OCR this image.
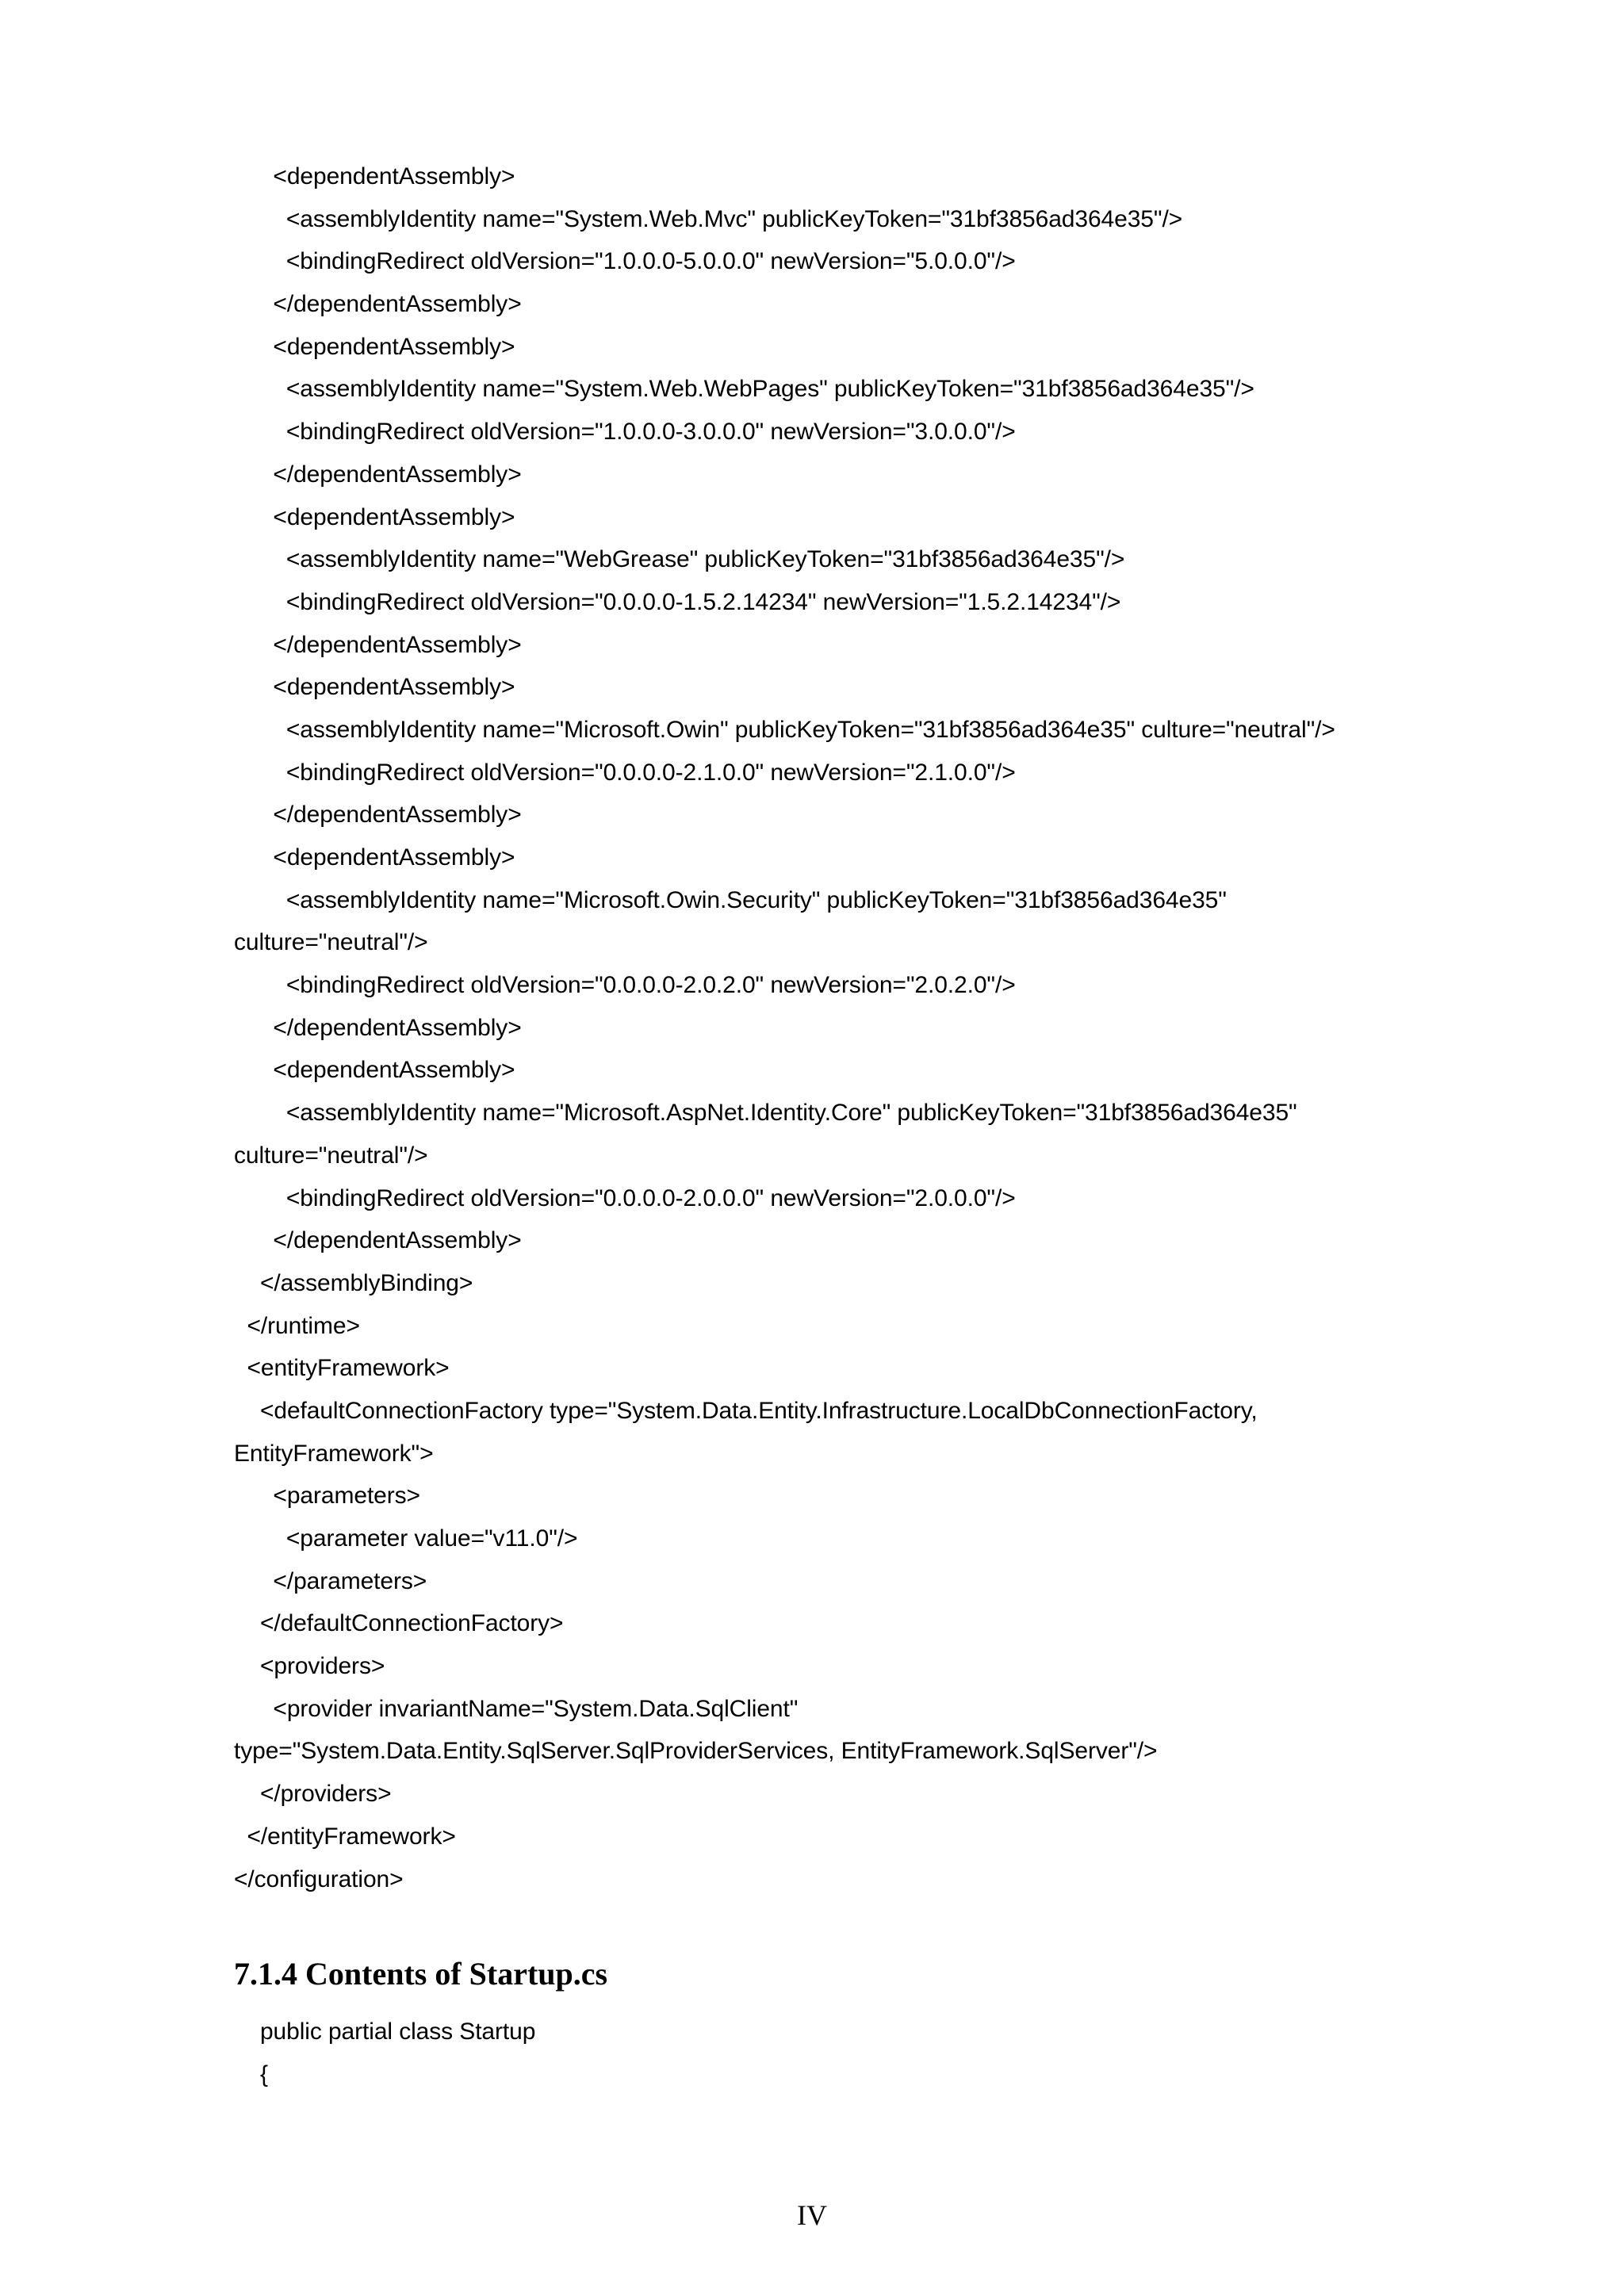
<dependentAssembly>
<assemblyIdentity name="System.Web.Mvc" publicKeyToken="31bf3856ad364e35"/>
<bindingRedirect oldVersion="1.0.0.0-5.0.0.0" newVersion="5.0.0.0"/>
</dependentAssembly>
<dependentAssembly>
<assemblyIdentity name="System.Web.WebPages" publicKeyToken="31bf3856ad364e35"/>
<bindingRedirect oldVersion="1.0.0.0-3.0.0.0" newVersion="3.0.0.0"/>
</dependentAssembly>
<dependentAssembly>
<assemblyIdentity name="WebGrease" publicKeyToken="31bf3856ad364e35"/>
<bindingRedirect oldVersion="0.0.0.0-1.5.2.14234" newVersion="1.5.2.14234"/>
</dependentAssembly>
<dependentAssembly>
<assemblyIdentity name="Microsoft.Owin" publicKeyToken="31bf3856ad364e35" culture="neutral"/>
<bindingRedirect oldVersion="0.0.0.0-2.1.0.0" newVersion="2.1.0.0"/>
</dependentAssembly>
<dependentAssembly>
<assemblyIdentity name="Microsoft.Owin.Security" publicKeyToken="31bf3856ad364e35"
culture="neutral"/>
<bindingRedirect oldVersion="0.0.0.0-2.0.2.0" newVersion="2.0.2.0"/>
</dependentAssembly>
<dependentAssembly>
<assemblyIdentity name="Microsoft.AspNet.Identity.Core" publicKeyToken="31bf3856ad364e35"
culture="neutral"/>
<bindingRedirect oldVersion="0.0.0.0-2.0.0.0" newVersion="2.0.0.0"/>
</dependentAssembly>
</assemblyBinding>
</runtime>
<entityFramework>
<defaultConnectionFactory type="System.Data.Entity.Infrastructure.LocalDbConnectionFactory,
EntityFramework">
<parameters>
<parameter value="v11.0"/>
</parameters>
</defaultConnectionFactory>
<providers>
<provider invariantName="System.Data.SqlClient"
type="System.Data.Entity.SqlServer.SqlProviderServices, EntityFramework.SqlServer"/>
</providers>
</entityFramework>
</configuration>
7.1.4 Contents of Startup.cs
public partial class Startup
{
IV
